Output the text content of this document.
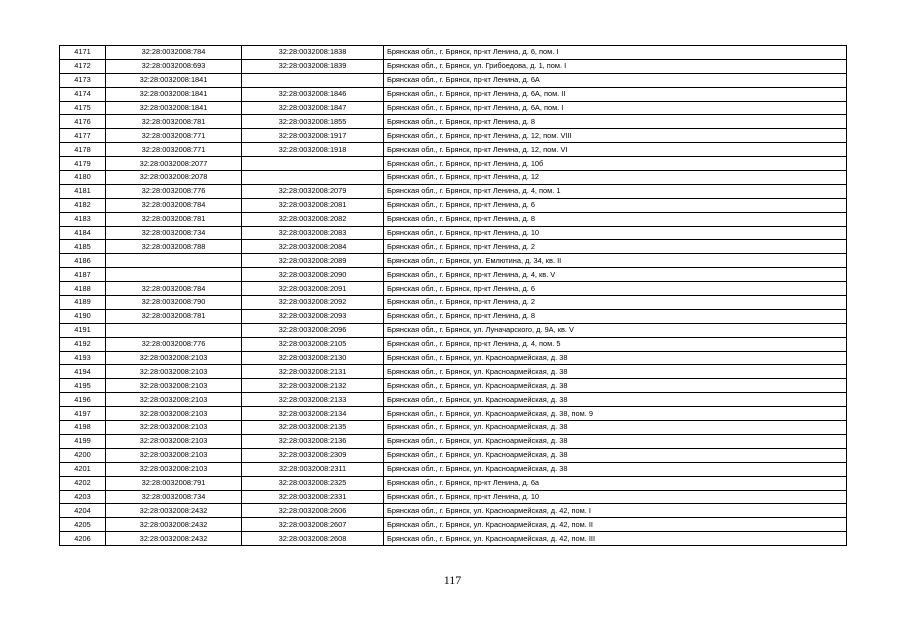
4171	32:28:0032008:784	32:28:0032008:1838	Брянская обл., г. Брянск, пр-кт Ленина, д. 6, пом. I
4172	32:28:0032008:693	32:28:0032008:1839	Брянская обл., г. Брянск, ул. Грибоедова, д. 1, пом. I
4173	32:28:0032008:1841		Брянская обл., г. Брянск, пр-кт Ленина, д. 6А
4174	32:28:0032008:1841	32:28:0032008:1846	Брянская обл., г. Брянск, пр-кт Ленина, д. 6А, пом. II
4175	32:28:0032008:1841	32:28:0032008:1847	Брянская обл., г. Брянск, пр-кт Ленина, д. 6А, пом. I
4176	32:28:0032008:781	32:28:0032008:1855	Брянская обл., г. Брянск, пр-кт Ленина, д. 8
4177	32:28:0032008:771	32:28:0032008:1917	Брянская обл., г. Брянск, пр-кт Ленина, д. 12, пом. VIII
4178	32:28:0032008:771	32:28:0032008:1918	Брянская обл., г. Брянск, пр-кт Ленина, д. 12, пом. VI
4179	32:28:0032008:2077		Брянская обл., г. Брянск, пр-кт Ленина, д. 10б
4180	32:28:0032008:2078		Брянская обл., г. Брянск, пр-кт Ленина, д. 12
4181	32:28:0032008:776	32:28:0032008:2079	Брянская обл., г. Брянск, пр-кт Ленина, д. 4, пом. 1
4182	32:28:0032008:784	32:28:0032008:2081	Брянская обл., г. Брянск, пр-кт Ленина, д. 6
4183	32:28:0032008:781	32:28:0032008:2082	Брянская обл., г. Брянск, пр-кт Ленина, д. 8
4184	32:28:0032008:734	32:28:0032008:2083	Брянская обл., г. Брянск, пр-кт Ленина, д. 10
4185	32:28:0032008:788	32:28:0032008:2084	Брянская обл., г. Брянск, пр-кт Ленина, д. 2
4186		32:28:0032008:2089	Брянская обл., г. Брянск, ул. Емлютина, д. 34, кв. II
4187		32:28:0032008:2090	Брянская обл., г. Брянск, пр-кт Ленина, д. 4, кв. V
4188	32:28:0032008:784	32:28:0032008:2091	Брянская обл., г. Брянск, пр-кт Ленина, д. 6
4189	32:28:0032008:790	32:28:0032008:2092	Брянская обл., г. Брянск, пр-кт Ленина, д. 2
4190	32:28:0032008:781	32:28:0032008:2093	Брянская обл., г. Брянск, пр-кт Ленина, д. 8
4191		32:28:0032008:2096	Брянская обл., г. Брянск, ул. Луначарского, д. 9А, кв. V
4192	32:28:0032008:776	32:28:0032008:2105	Брянская обл., г. Брянск, пр-кт Ленина, д. 4, пом. 5
4193	32:28:0032008:2103	32:28:0032008:2130	Брянская обл., г. Брянск, ул. Красноармейская, д. 38
4194	32:28:0032008:2103	32:28:0032008:2131	Брянская обл., г. Брянск, ул. Красноармейская, д. 38
4195	32:28:0032008:2103	32:28:0032008:2132	Брянская обл., г. Брянск, ул. Красноармейская, д. 38
4196	32:28:0032008:2103	32:28:0032008:2133	Брянская обл., г. Брянск, ул. Красноармейская, д. 38
4197	32:28:0032008:2103	32:28:0032008:2134	Брянская обл., г. Брянск, ул. Красноармейская, д. 38, пом. 9
4198	32:28:0032008:2103	32:28:0032008:2135	Брянская обл., г. Брянск, ул. Красноармейская, д. 38
4199	32:28:0032008:2103	32:28:0032008:2136	Брянская обл., г. Брянск, ул. Красноармейская, д. 38
4200	32:28:0032008:2103	32:28:0032008:2309	Брянская обл., г. Брянск, ул. Красноармейская, д. 38
4201	32:28:0032008:2103	32:28:0032008:2311	Брянская обл., г. Брянск, ул. Красноармейская, д. 38
4202	32:28:0032008:791	32:28:0032008:2325	Брянская обл., г. Брянск, пр-кт Ленина, д. 6а
4203	32:28:0032008:734	32:28:0032008:2331	Брянская обл., г. Брянск, пр-кт Ленина, д. 10
4204	32:28:0032008:2432	32:28:0032008:2606	Брянская обл., г. Брянск, ул. Красноармейская, д. 42, пом. I
4205	32:28:0032008:2432	32:28:0032008:2607	Брянская обл., г. Брянск, ул. Красноармейская, д. 42, пом. II
4206	32:28:0032008:2432	32:28:0032008:2608	Брянская обл., г. Брянск, ул. Красноармейская, д. 42, пом. III
117
